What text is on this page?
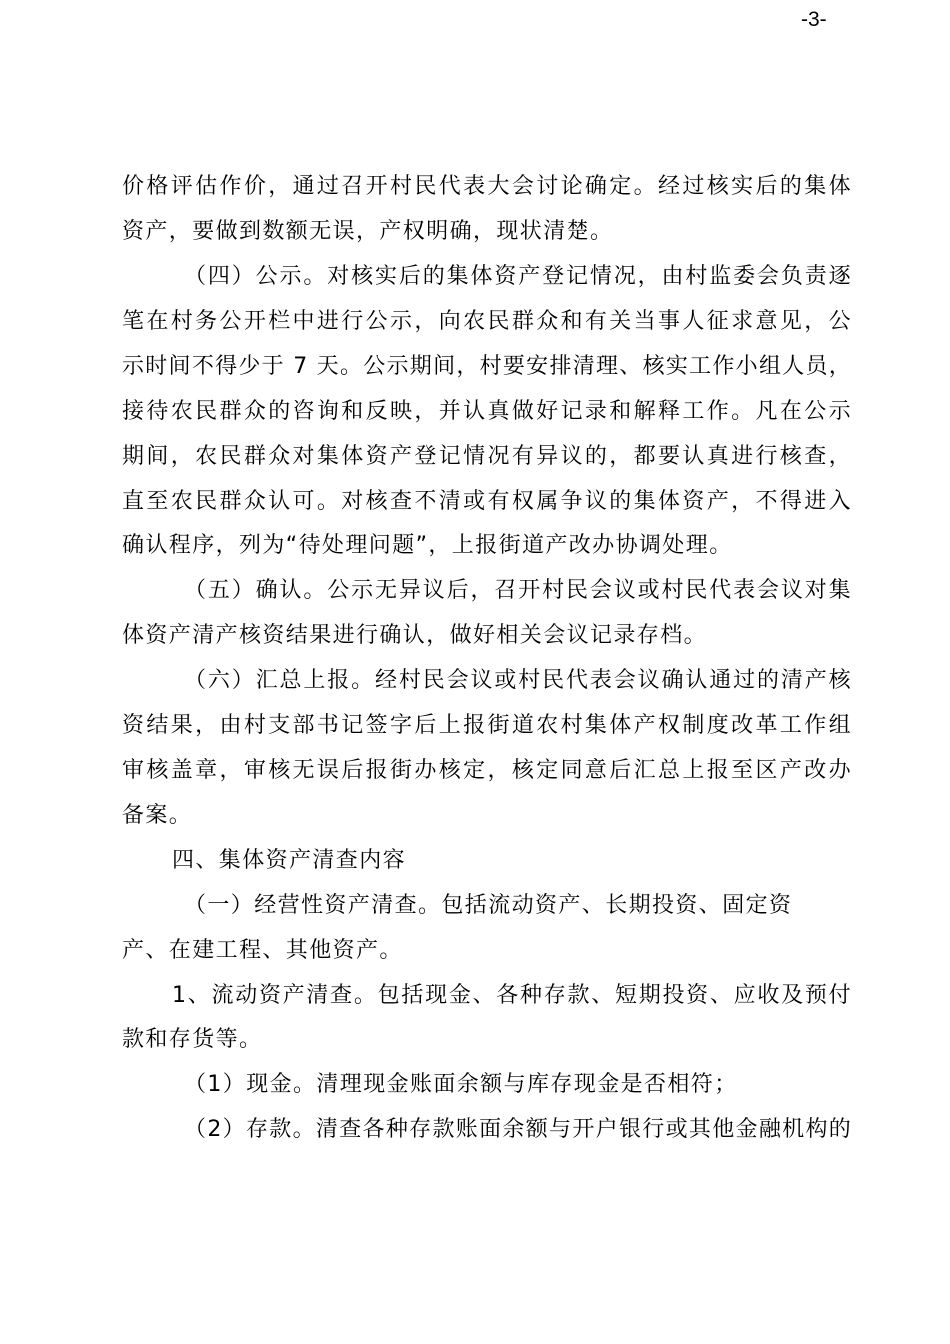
-3-
价格评估作价，通过召开村民代表大会讨论确定。经过核实后的集体
资产，要做到数额无误，产权明确，现状清楚。
（四）公示。对核实后的集体资产登记情况，由村监委会负责逐
笔在村务公开栏中进行公示，向农民群众和有关当事人征求意见，公
示时间不得少于 7 天。公示期间，村要安排清理、核实工作小组人员，
接待农民群众的咨询和反映，并认真做好记录和解释工作。凡在公示
期间，农民群众对集体资产登记情况有异议的，都要认真进行核查，
直至农民群众认可。对核查不清或有权属争议的集体资产，不得进入
确认程序，列为“待处理问题”，上报街道产改办协调处理。
（五）确认。公示无异议后，召开村民会议或村民代表会议对集
体资产清产核资结果进行确认，做好相关会议记录存档。
（六）汇总上报。经村民会议或村民代表会议确认通过的清产核
资结果，由村支部书记签字后上报街道农村集体产权制度改革工作组
审核盖章，审核无误后报街办核定，核定同意后汇总上报至区产改办
备案。
四、集体资产清查内容
（一）经营性资产清查。包括流动资产、长期投资、固定资
产、在建工程、其他资产。
1、流动资产清查。包括现金、各种存款、短期投资、应收及预付
款和存货等。
（1）现金。清理现金账面余额与库存现金是否相符；
（2）存款。清查各种存款账面余额与开户银行或其他金融机构的
